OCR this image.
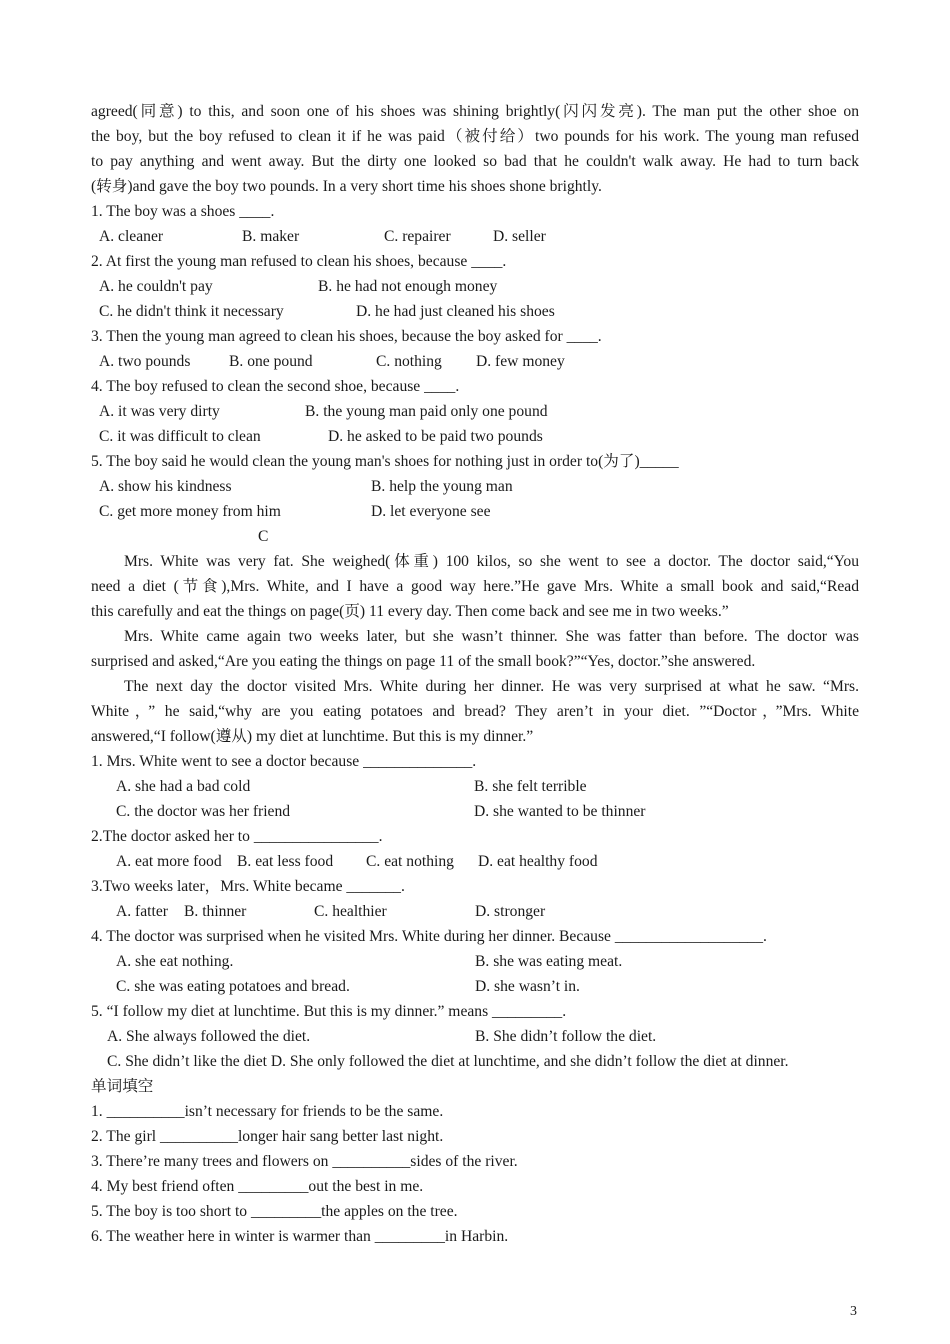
agreed(同意) to this, and soon one of his shoes was shining brightly(闪闪发亮). The man put the other shoe on
the boy, but the boy refused to clean it if he was paid（被付给）two pounds for his work. The young man refused
to pay anything and went away. But the dirty one looked so bad that he couldn't walk away. He had to turn back
(转身)and gave the boy two pounds. In a very short time his shoes shone brightly.
1. The boy was a shoes ____.
A. cleaner	B. maker	C. repairer	D. seller
2. At first the young man refused to clean his shoes, because ____.
A. he couldn't pay	B. he had not enough money
C. he didn't think it necessary	D. he had just cleaned his shoes
3. Then the young man agreed to clean his shoes, because the boy asked for ____.
A. two pounds B. one pound	C. nothing D. few money
4. The boy refused to clean the second shoe, because ____.
A. it was very dirty	B. the young man paid only one pound
C. it was difficult to clean	D. he asked to be paid two pounds
5. The boy said he would clean the young man's shoes for nothing just in order to(为了)_____
A. show his kindness	B. help the young man
C. get more money from him	D. let everyone see
C
Mrs. White was very fat. She weighed(体重) 100 kilos, so she went to see a doctor. The doctor said,“You
need a diet (节食),Mrs. White, and I have a good way here.”He gave Mrs. White a small book and said,“Read
this carefully and eat the things on page(页) 11 every day. Then come back and see me in two weeks.”
Mrs. White came again two weeks later, but she wasn’t thinner. She was fatter than before. The doctor was
surprised and asked,“Are you eating the things on page 11 of the small book?”“Yes, doctor.”she answered.
The next day the doctor visited Mrs. White during her dinner. He was very surprised at what he saw. “Mrs.
White，” he said,“why are you eating potatoes and bread? They aren’t in your diet. ”“Doctor，”Mrs. White
answered,“I follow(遵从) my diet at lunchtime. But this is my dinner.”
1. Mrs. White went to see a doctor because ______________.
A. she had a bad cold	B. she felt terrible
C. the doctor was her friend	D. she wanted to be thinner
2.The doctor asked her to ________________.
A. eat more food B. eat less food C. eat nothing D. eat healthy food
3.Two weeks later，Mrs. White became _______.
A. fatter B. thinner	C. healthier	D. stronger
4. The doctor was surprised when he visited Mrs. White during her dinner. Because ___________________.
A. she eat nothing.	B. she was eating meat.
C. she was eating potatoes and bread.	D. she wasn’t in.
5. “I follow my diet at lunchtime. But this is my dinner.” means _________.
A. She always followed the diet.	B. She didn’t follow the diet.
C. She didn’t like the diet D. She only followed the diet at lunchtime, and she didn’t follow the diet at dinner.
单词填空
1. __________isn’t necessary for friends to be the same.
2. The girl __________longer hair sang better last night.
3. There’re many trees and flowers on __________sides of the river.
4. My best friend often _________out the best in me.
5. The boy is too short to _________the apples on the tree.
6. The weather here in winter is warmer than _________in Harbin.
3
